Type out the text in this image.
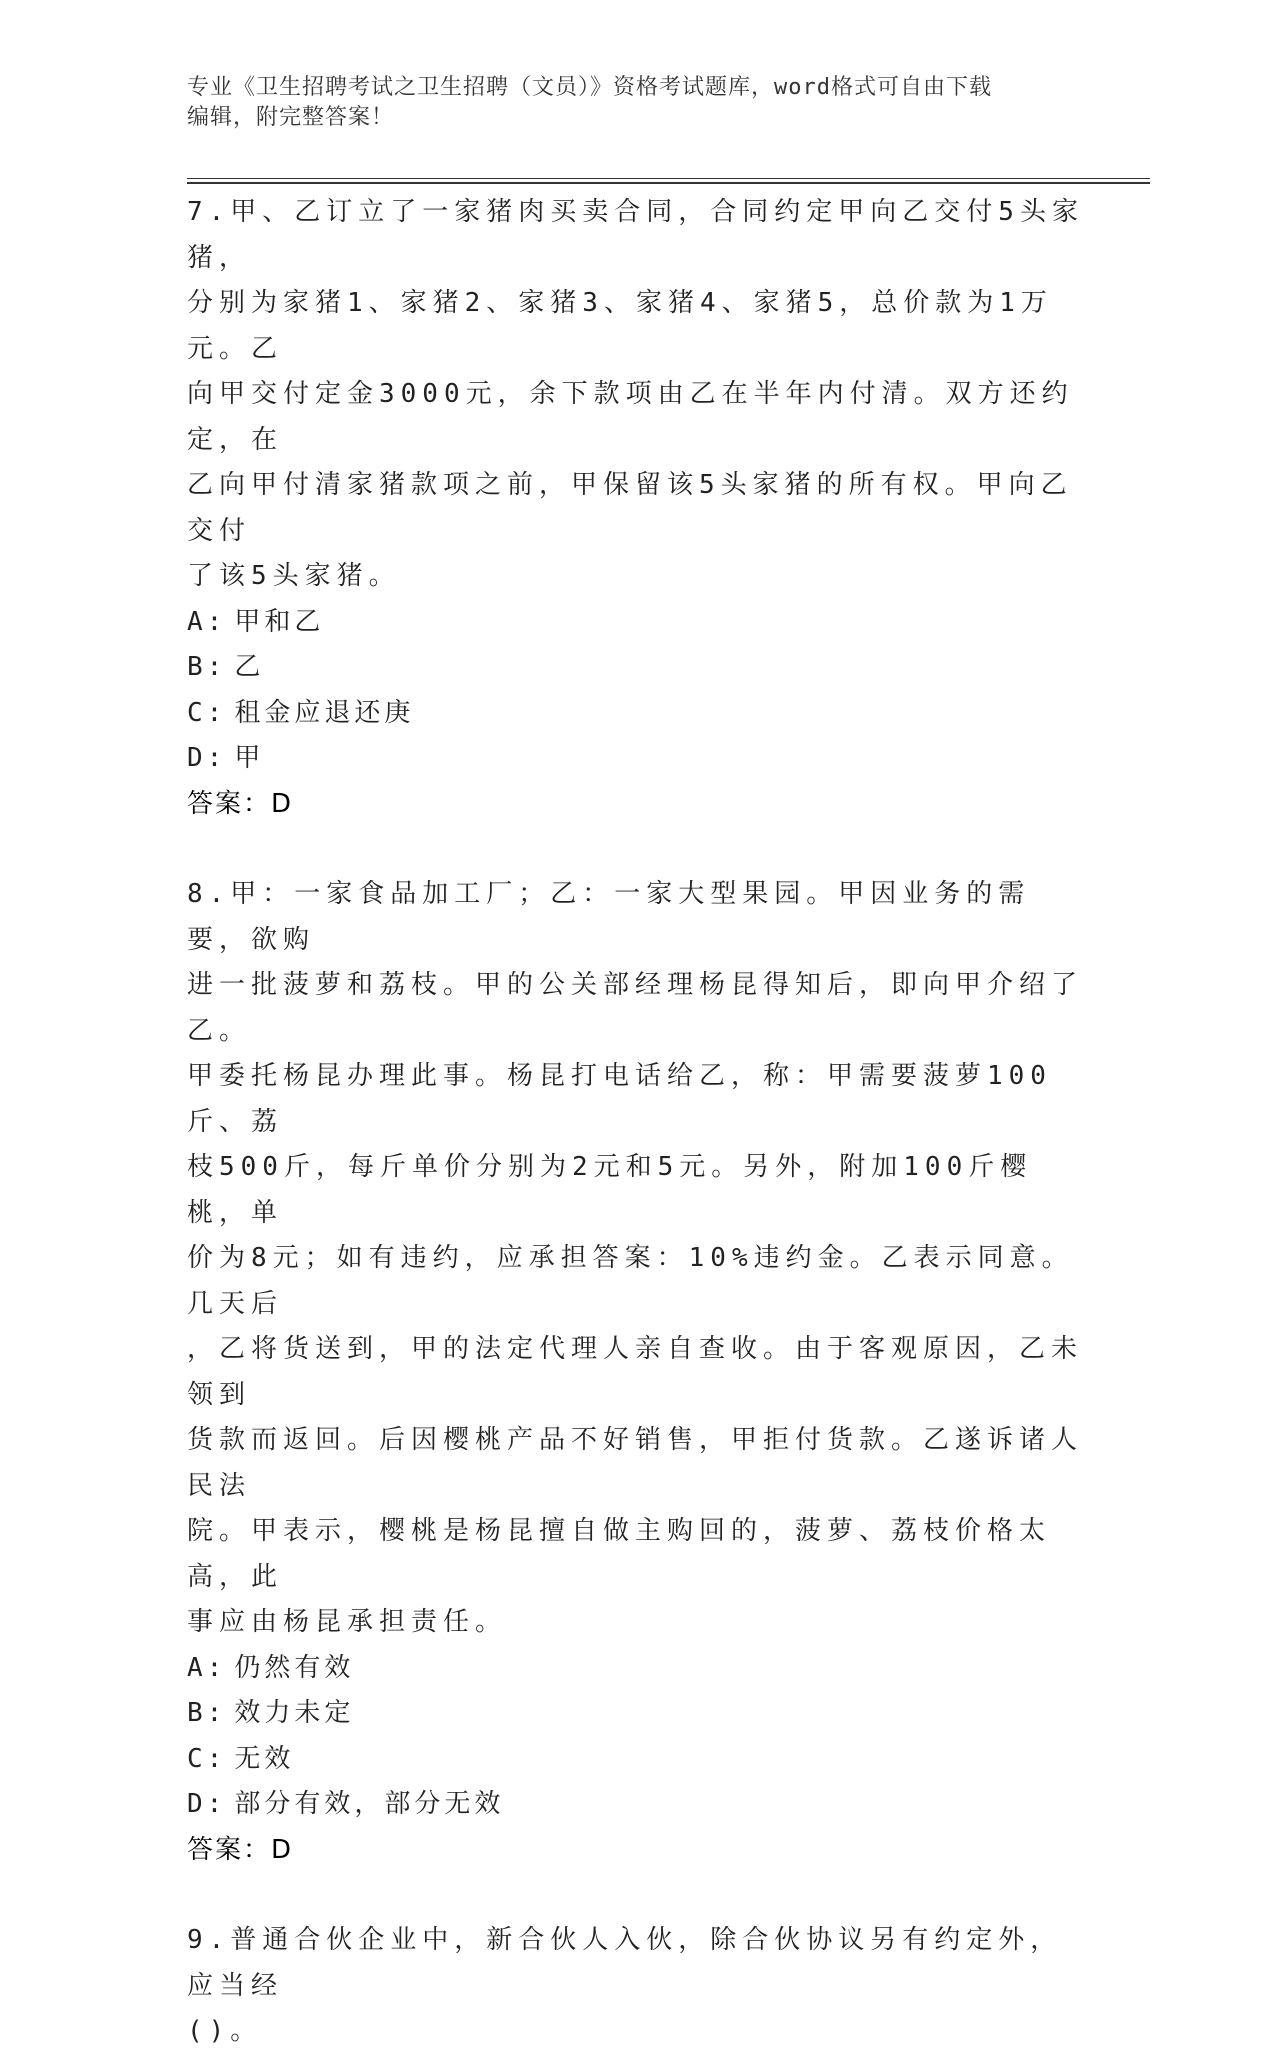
专业《卫生招聘考试之卫生招聘（文员）》资格考试题库，word格式可自由下载
编辑，附完整答案！
7.甲、乙订立了一家猪肉买卖合同，合同约定甲向乙交付5头家猪，
分别为家猪1、家猪2、家猪3、家猪4、家猪5，总价款为1万元。乙
向甲交付定金3000元，余下款项由乙在半年内付清。双方还约定，在
乙向甲付清家猪款项之前，甲保留该5头家猪的所有权。甲向乙交付
了该5头家猪。
A: 甲和乙
B: 乙
C: 租金应退还庚
D: 甲
答案：D
8.甲：一家食品加工厂；乙：一家大型果园。甲因业务的需要，欲购
进一批菠萝和荔枝。甲的公关部经理杨昆得知后，即向甲介绍了乙。
甲委托杨昆办理此事。杨昆打电话给乙，称：甲需要菠萝100斤、荔
枝500斤，每斤单价分别为2元和5元。另外，附加100斤樱桃，单
价为8元；如有违约，应承担答案：10%违约金。乙表示同意。几天后
，乙将货送到，甲的法定代理人亲自查收。由于客观原因，乙未领到
货款而返回。后因樱桃产品不好销售，甲拒付货款。乙遂诉诸人民法
院。甲表示，樱桃是杨昆擅自做主购回的，菠萝、荔枝价格太高，此
事应由杨昆承担责任。
A: 仍然有效
B: 效力未定
C: 无效
D: 部分有效，部分无效
答案：D
9.普通合伙企业中，新合伙人入伙，除合伙协议另有约定外，应当经
()。
